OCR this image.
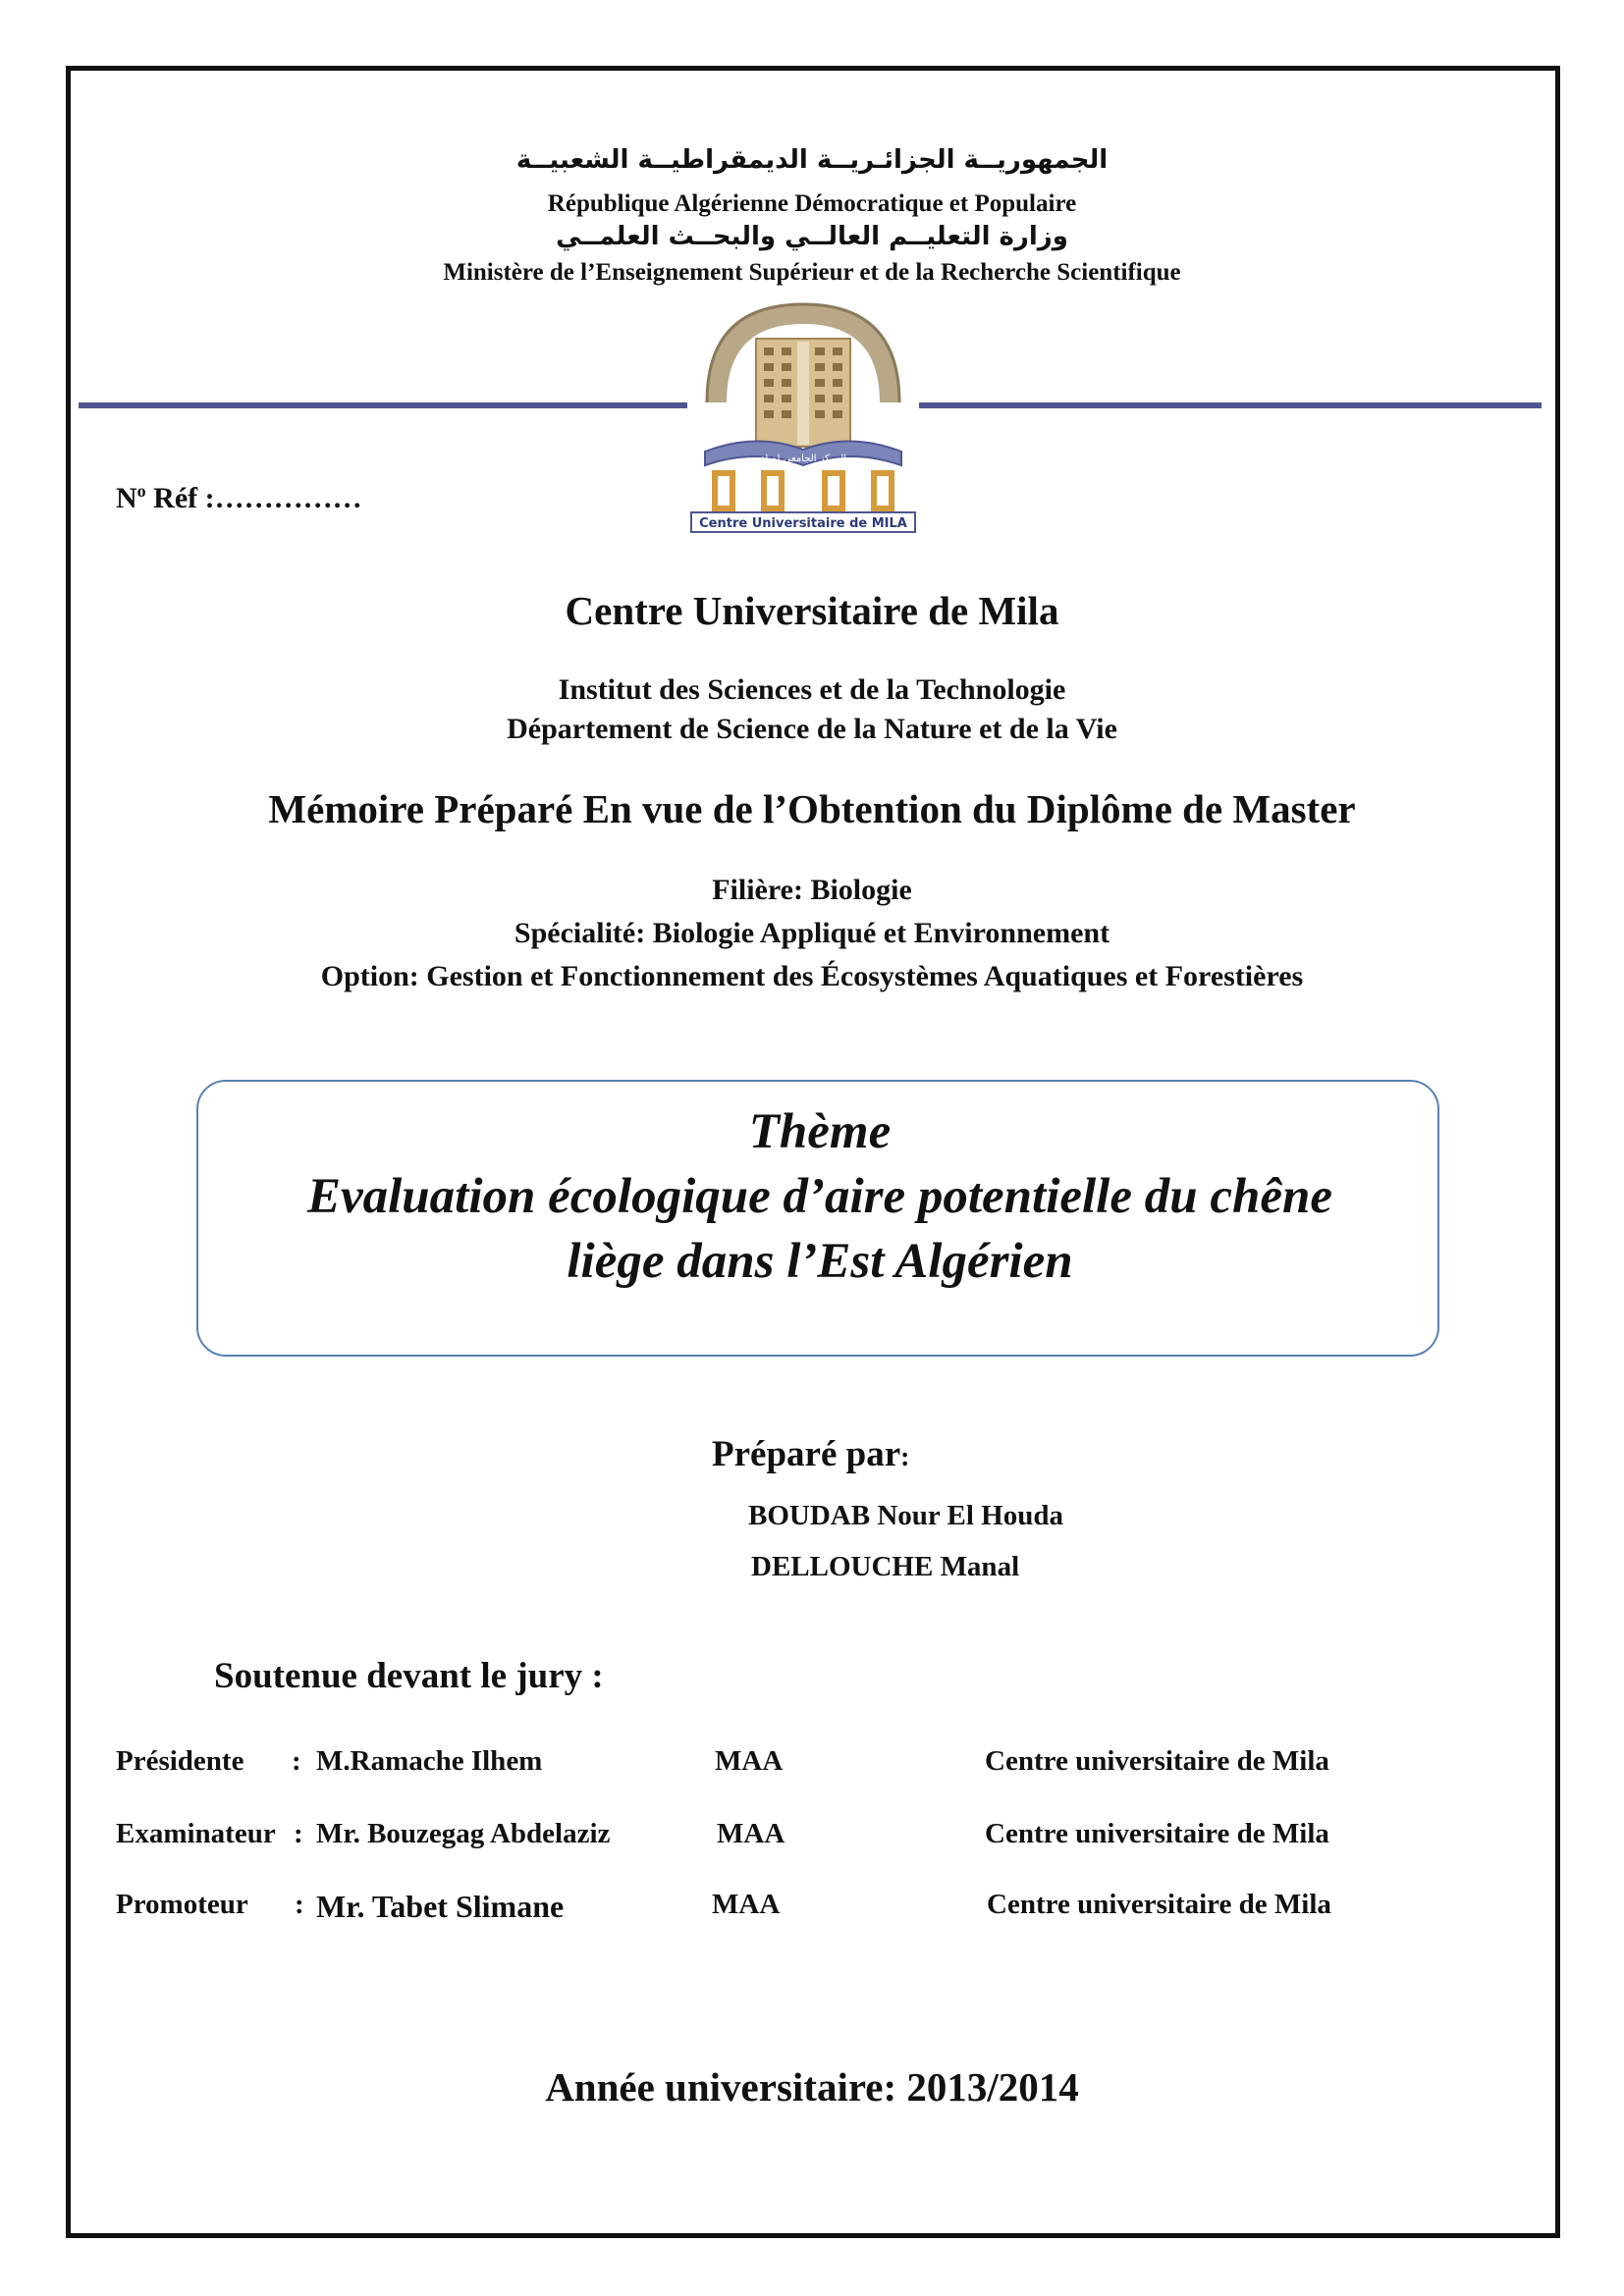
الجمهوريــة الجزائـريــة الديمقراطيــة الشعبيــة
République Algérienne Démocratique et Populaire
وزارة التعليــم العالــي والبحــث العلمــي
Ministère de l’Enseignement Supérieur et de la Recherche Scientifique
المركز الجامعي لميلة
Centre Universitaire de MILA
$N^o$ Réf :……………
Centre Universitaire de Mila
Institut des Sciences et de la Technologie
Département de Science de la Nature et de la Vie
Mémoire Préparé En vue de l’Obtention du Diplôme de Master
Filière: Biologie
Spécialité: Biologie Appliqué et Environnement
Option: Gestion et Fonctionnement des Écosystèmes Aquatiques et Forestières
Thème
Evaluation écologique d’aire potentielle du chêne
liège dans l’Est Algérien
Préparé par:
BOUDAB Nour El Houda
DELLOUCHE Manal
Soutenue devant le jury :
Présidente : M.Ramache Ilhem	MAA	Centre universitaire de Mila
Examinateur : Mr. Bouzegag Abdelaziz	MAA	Centre universitaire de Mila
Promoteur : Mr. Tabet Slimane	MAA	Centre universitaire de Mila
Année universitaire: 2013/2014
